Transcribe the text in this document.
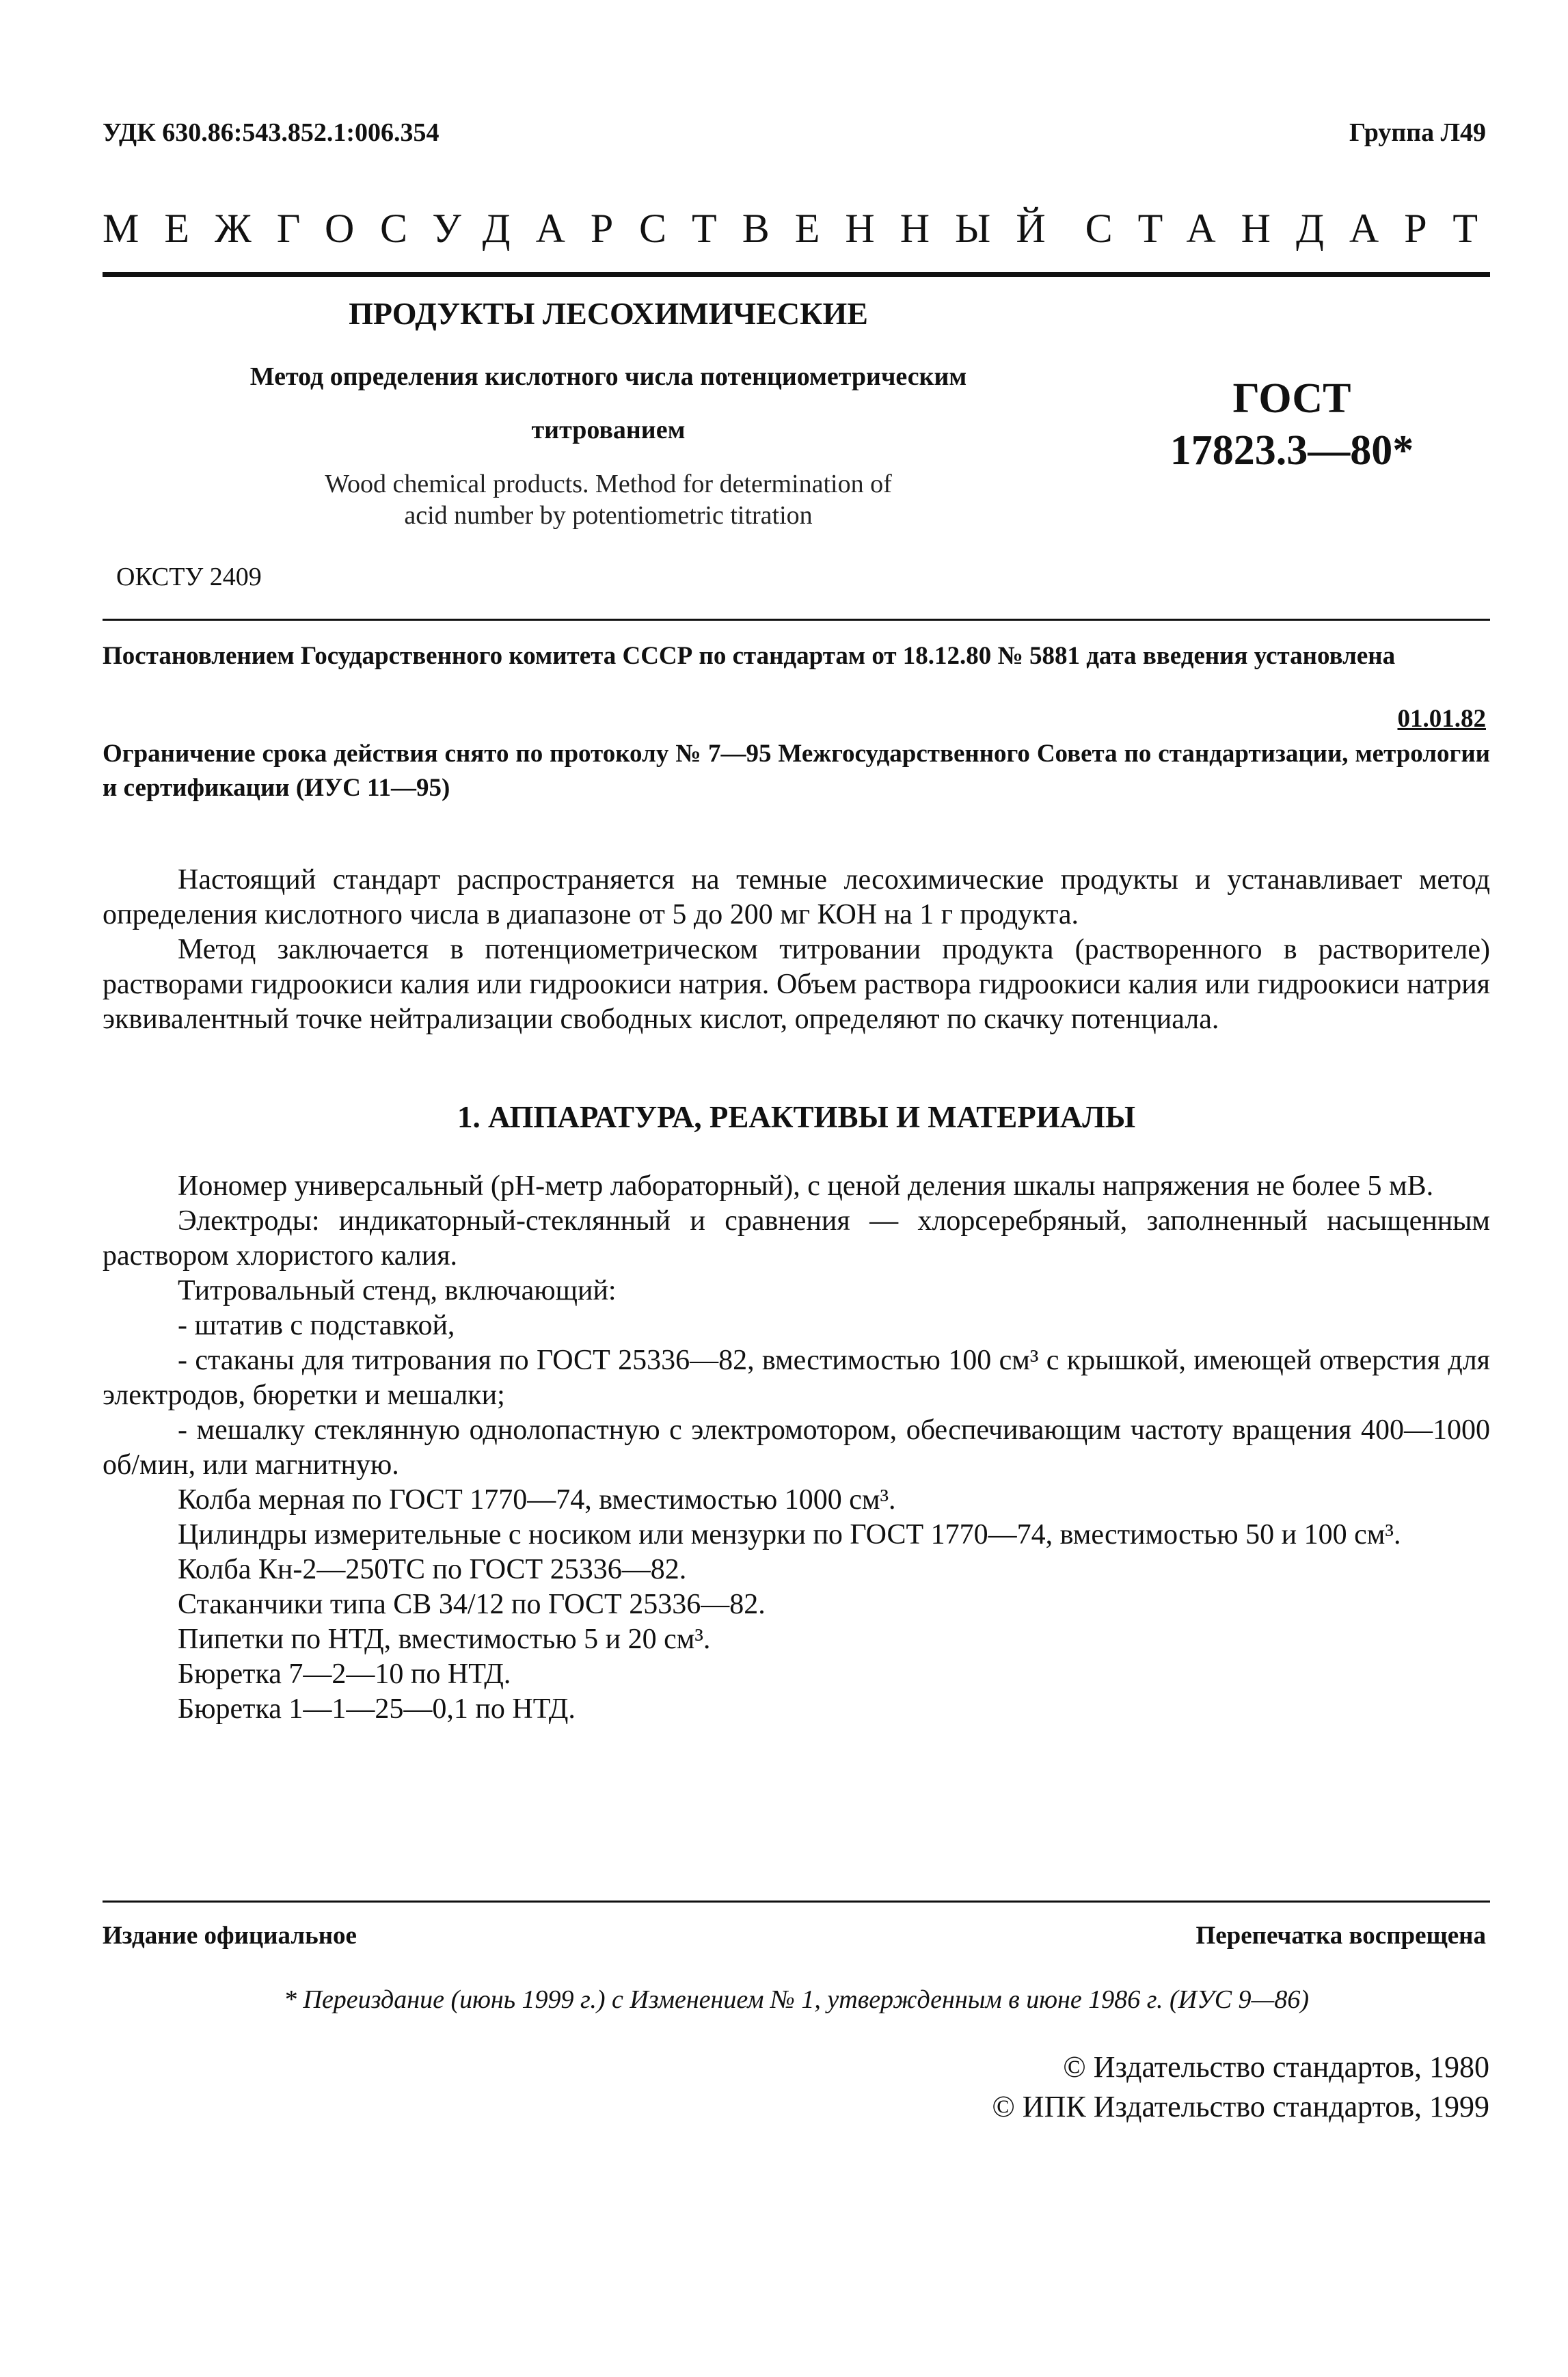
УДК 630.86:543.852.1:006.354	Группа Л49
МЕЖГОСУДАРСТВЕННЫЙ СТАНДАРТ
ПРОДУКТЫ ЛЕСОХИМИЧЕСКИЕ
Метод определения кислотного числа потенциометрическим
титрованием
Wood chemical products. Method for determination of
acid number by potentiometric titration
ГОСТ
17823.3—80*
ОКСТУ 2409
Постановлением Государственного комитета СССР по стандартам от 18.12.80 № 5881 дата введения установлена
01.01.82
Ограничение срока действия снято по протоколу № 7—95 Межгосударственного Совета по стандартизации, метрологии и сертификации (ИУС 11—95)

Настоящий стандарт распространяется на темные лесохимические продукты и устанавливает метод определения кислотного числа в диапазоне от 5 до 200 мг КОН на 1 г продукта.

Метод заключается в потенциометрическом титровании продукта (растворенного в растворителе) растворами гидроокиси калия или гидроокиси натрия. Объем раствора гидроокиси калия или гидроокиси натрия эквивалентный точке нейтрализации свободных кислот, определяют по скачку потенциала.

1. АППАРАТУРА, РЕАКТИВЫ И МАТЕРИАЛЫ

Иономер универсальный (рН-метр лабораторный), с ценой деления шкалы напряжения не более 5 мВ.

Электроды: индикаторный-стеклянный и сравнения — хлорсеребряный, заполненный насыщенным раствором хлористого калия.

Титровальный стенд, включающий:

- штатив с подставкой,

- стаканы для титрования по ГОСТ 25336—82, вместимостью 100 см³ с крышкой, имеющей отверстия для электродов, бюретки и мешалки;

- мешалку стеклянную однолопастную с электромотором, обеспечивающим частоту вращения 400—1000 об/мин, или магнитную.

Колба мерная по ГОСТ 1770—74, вместимостью 1000 см³.

Цилиндры измерительные с носиком или мензурки по ГОСТ 1770—74, вместимостью 50 и 100 см³.

Колба Кн-2—250ТС по ГОСТ 25336—82.

Стаканчики типа СВ 34/12 по ГОСТ 25336—82.

Пипетки по НТД, вместимостью 5 и 20 см³.

Бюретка 7—2—10 по НТД.

Бюретка 1—1—25—0,1 по НТД.

Издание официальное	Перепечатка воспрещена
* Переиздание (июнь 1999 г.) с Изменением № 1, утвержденным в июне 1986 г. (ИУС 9—86)
© Издательство стандартов, 1980
© ИПК Издательство стандартов, 1999
